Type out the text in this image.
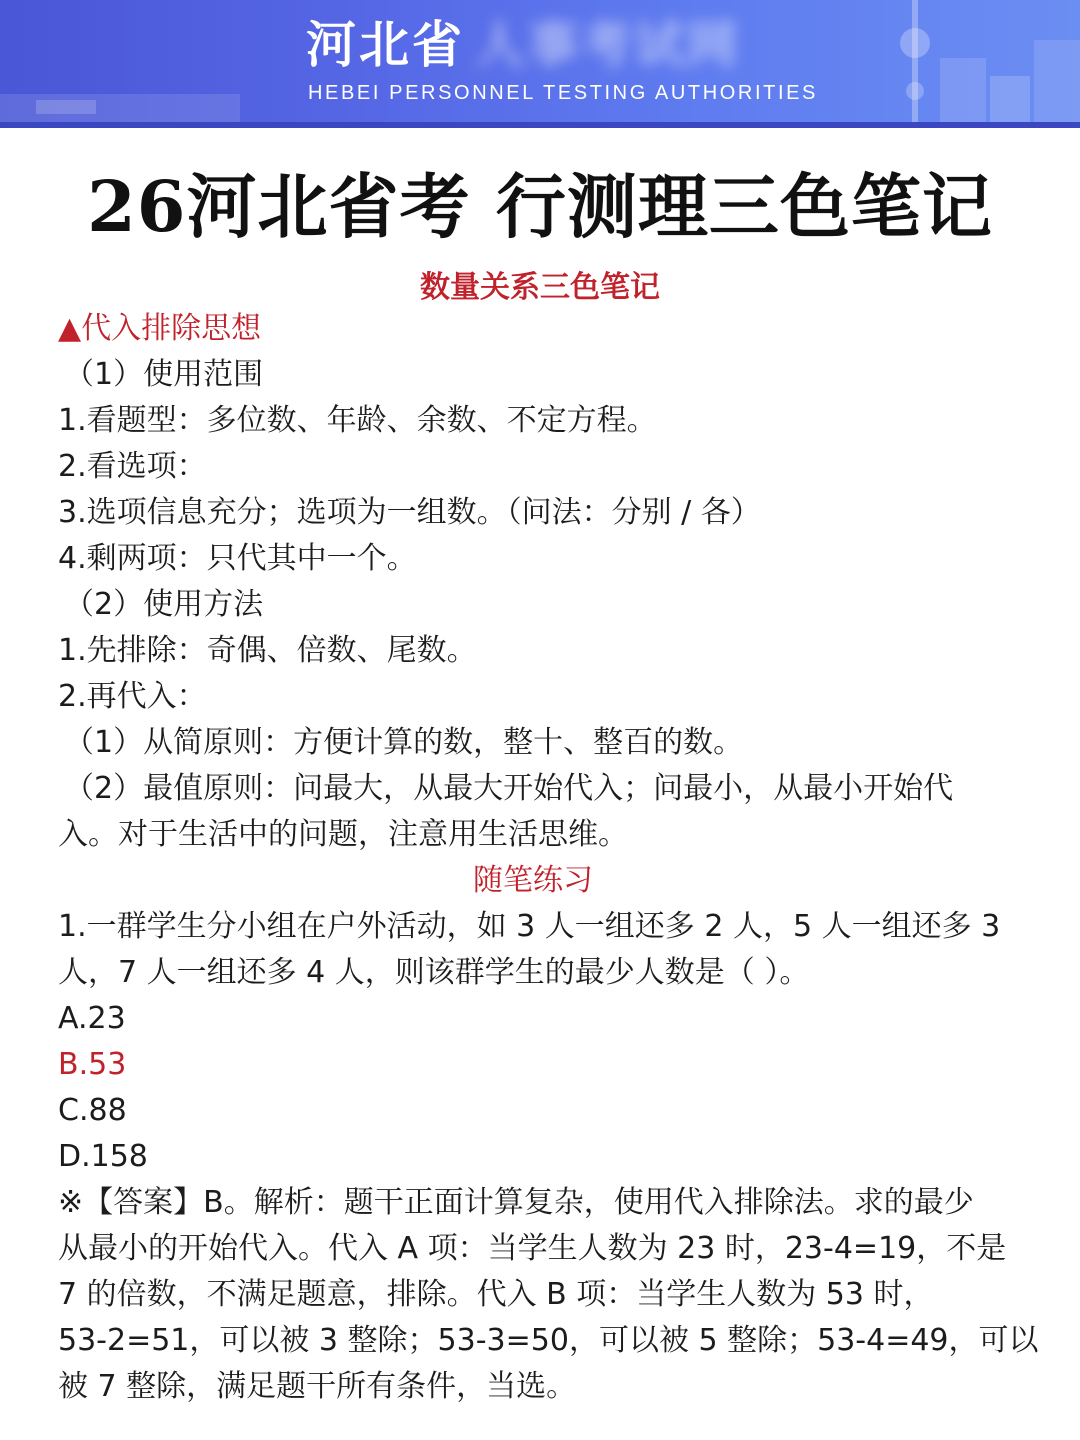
河北省 人事考试网
HEBEI PERSONNEL TESTING AUTHORITIES
26河北省考 行测理三色笔记
数量关系三色笔记
▲代入排除思想
（1）使用范围
1.看题型：多位数、年龄、余数、不定方程。
2.看选项：
3.选项信息充分；选项为一组数。（问法：分别 / 各）
4.剩两项：只代其中一个。
（2）使用方法
1.先排除：奇偶、倍数、尾数。
2.再代入：
（1）从简原则：方便计算的数，整十、整百的数。
（2）最值原则：问最大，从最大开始代入；问最小，从最小开始代
入。对于生活中的问题，注意用生活思维。
随笔练习
1.一群学生分小组在户外活动，如 3 人一组还多 2 人，5 人一组还多 3
人，7 人一组还多 4 人，则该群学生的最少人数是（ ）。
A.23
B.53
C.88
D.158
※【答案】B。解析：题干正面计算复杂，使用代入排除法。求的最少
从最小的开始代入。代入 A 项：当学生人数为 23 时，23-4=19，不是
7 的倍数，不满足题意，排除。代入 B 项：当学生人数为 53 时，
53-2=51，可以被 3 整除；53-3=50，可以被 5 整除；53-4=49，可以
被 7 整除，满足题干所有条件，当选。
